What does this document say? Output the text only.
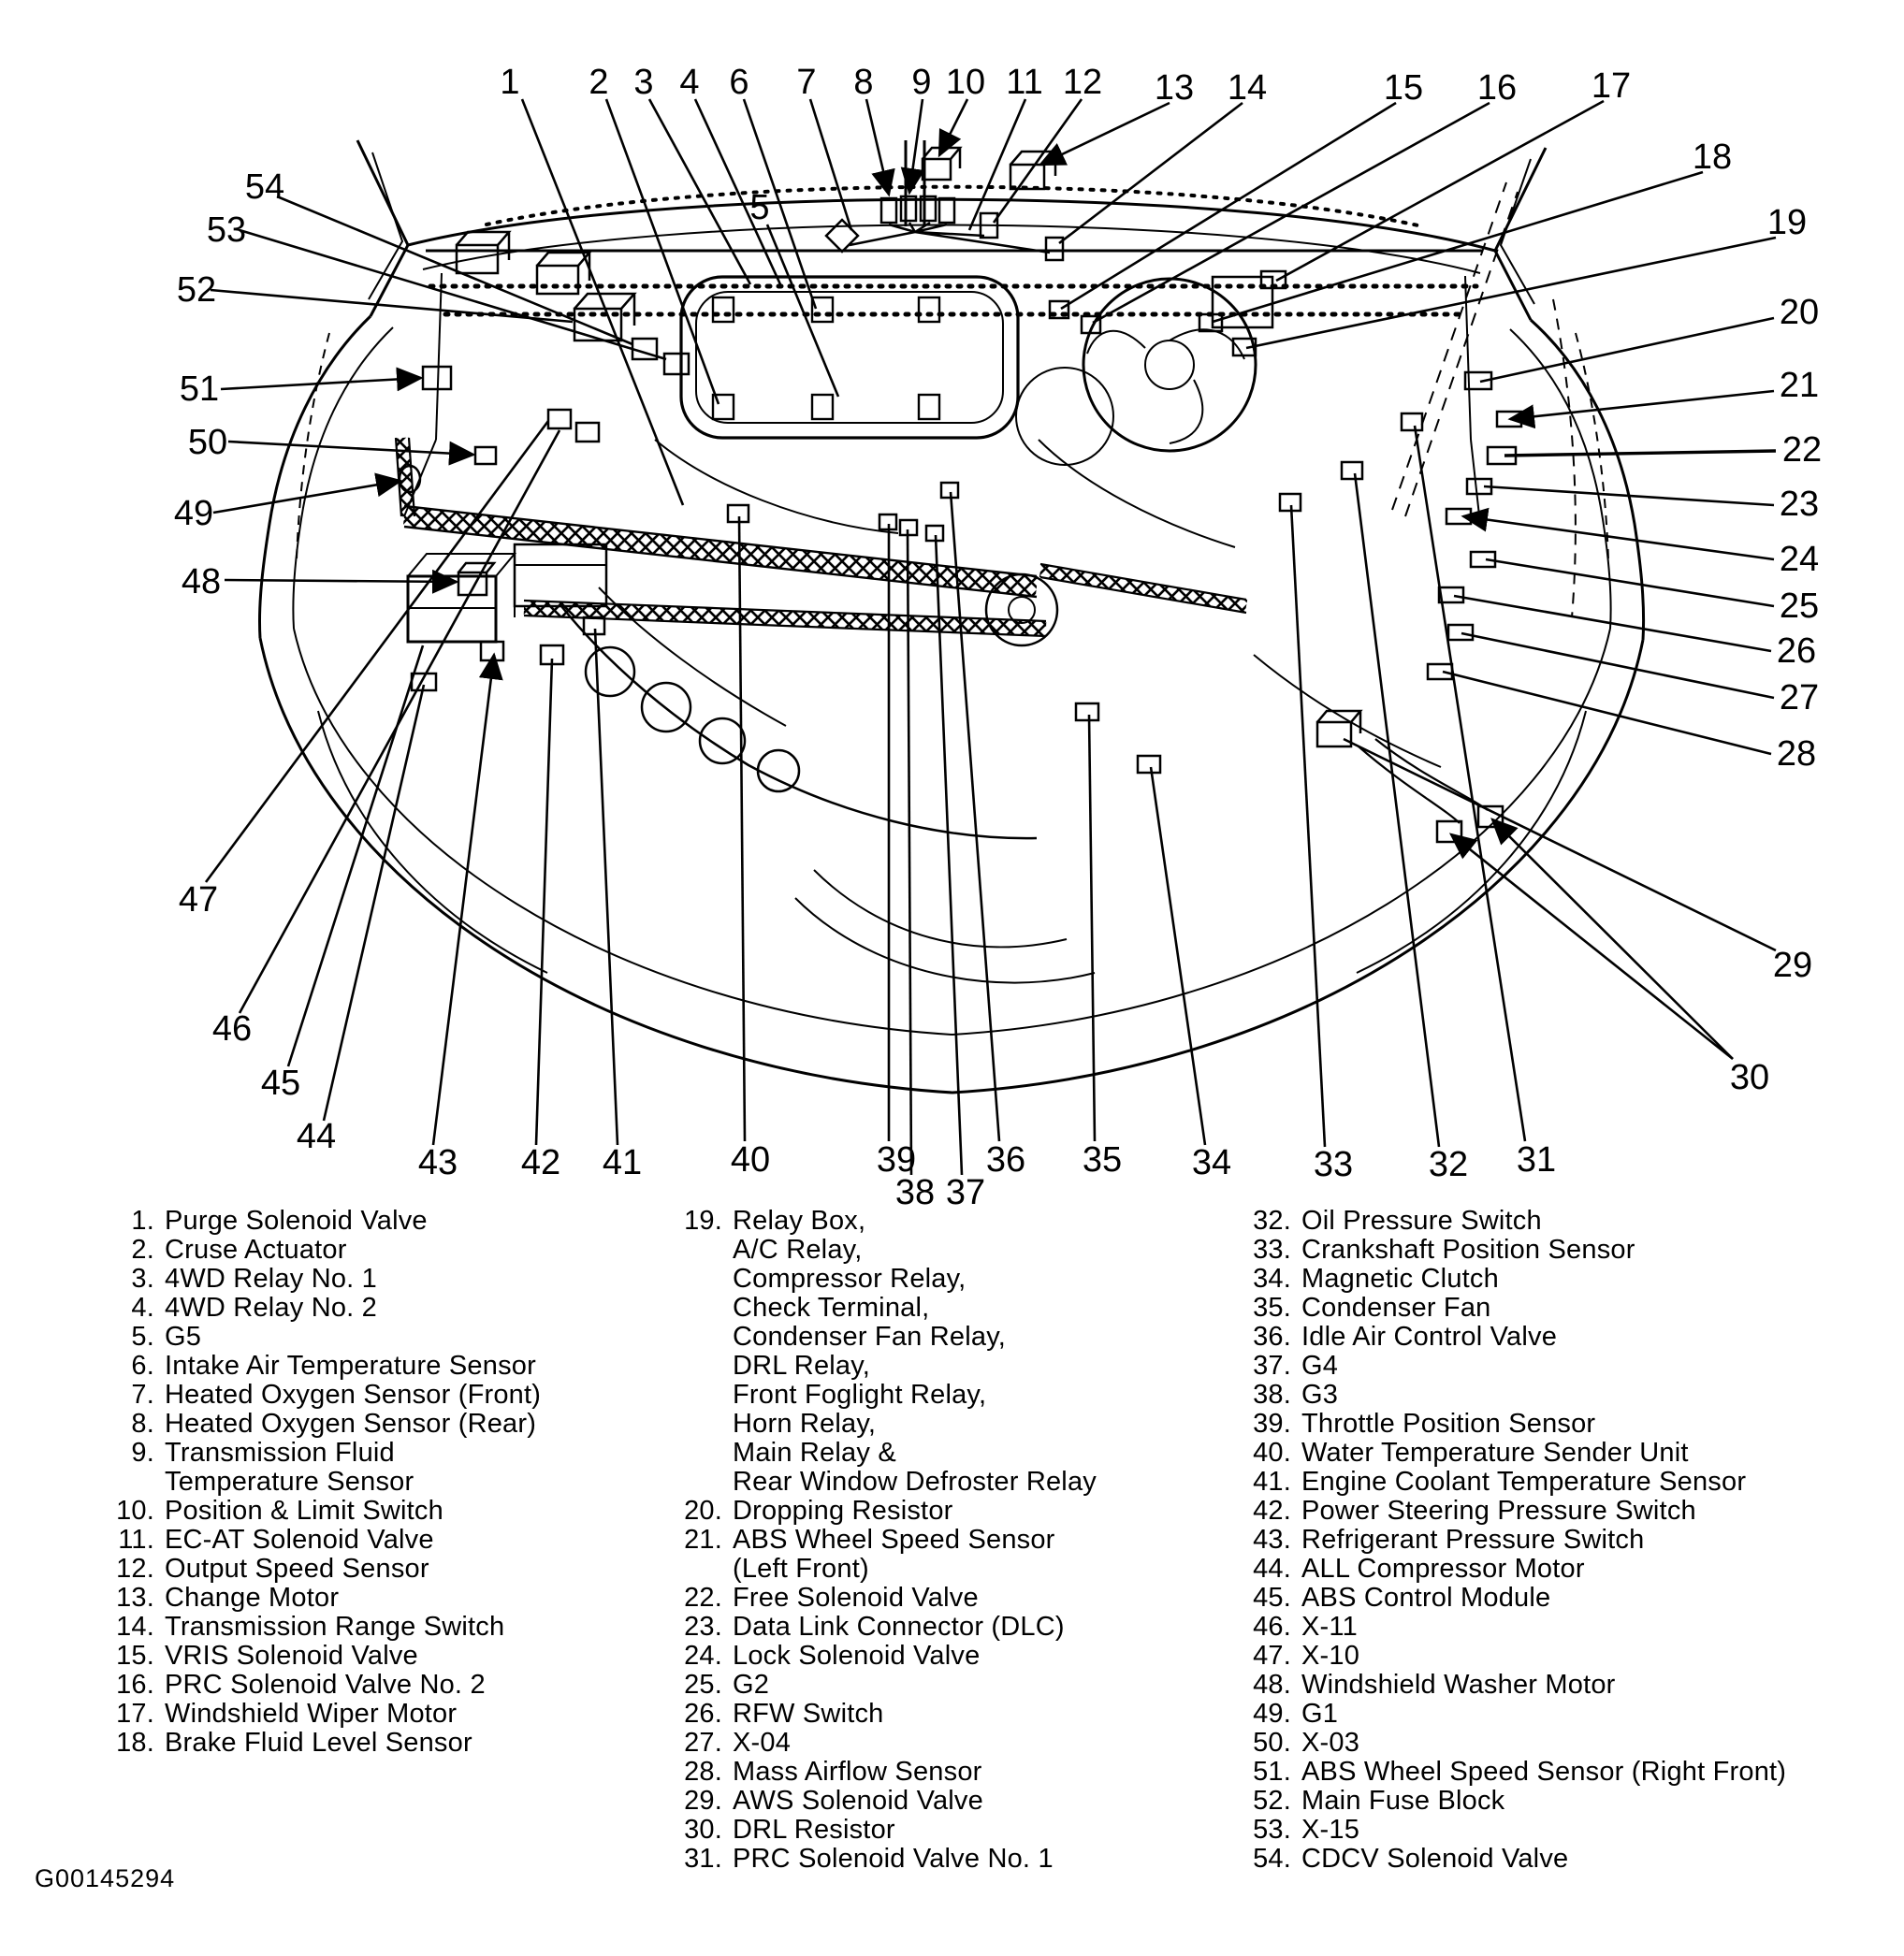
1 2 3 4
5
6 7 8 9 10 11 12 13 14	15 16 17
18
19
20
21
22
23
24
25
26
27
28
29
30
31
32
33
34
35
36
37
38
39
40
41
42
43
44
45
46
47
48
49
50
51
52
53
54
1. Purge Solenoid Valve
2. Cruse Actuator
3. 4WD Relay No. 1
4. 4WD Relay No. 2
5. G5
6. Intake Air Temperature Sensor
7. Heated Oxygen Sensor (Front)
8. Heated Oxygen Sensor (Rear)
9. Transmission Fluid
Temperature Sensor
10. Position & Limit Switch
11. EC-AT Solenoid Valve
12. Output Speed Sensor
13. Change Motor
14. Transmission Range Switch
15. VRIS Solenoid Valve
16. PRC Solenoid Valve No. 2
17. Windshield Wiper Motor
18. Brake Fluid Level Sensor
19. Relay Box,
A/C Relay,
Compressor Relay,
Check Terminal,
Condenser Fan Relay,
DRL Relay,
Front Foglight Relay,
Horn Relay,
Main Relay &
Rear Window Defroster Relay
20. Dropping Resistor
21. ABS Wheel Speed Sensor
(Left Front)
22. Free Solenoid Valve
23. Data Link Connector (DLC)
24. Lock Solenoid Valve
25. G2
26. RFW Switch
27. X-04
28. Mass Airflow Sensor
29. AWS Solenoid Valve
30. DRL Resistor
31. PRC Solenoid Valve No. 1
32. Oil Pressure Switch
33. Crankshaft Position Sensor
34. Magnetic Clutch
35. Condenser Fan
36. Idle Air Control Valve
37. G4
38. G3
39. Throttle Position Sensor
40. Water Temperature Sender Unit
41. Engine Coolant Temperature Sensor
42. Power Steering Pressure Switch
43. Refrigerant Pressure Switch
44. ALL Compressor Motor
45. ABS Control Module
46. X-11
47. X-10
48. Windshield Washer Motor
49. G1
50. X-03
51. ABS Wheel Speed Sensor (Right Front)
52. Main Fuse Block
53. X-15
54. CDCV Solenoid Valve
G00145294
